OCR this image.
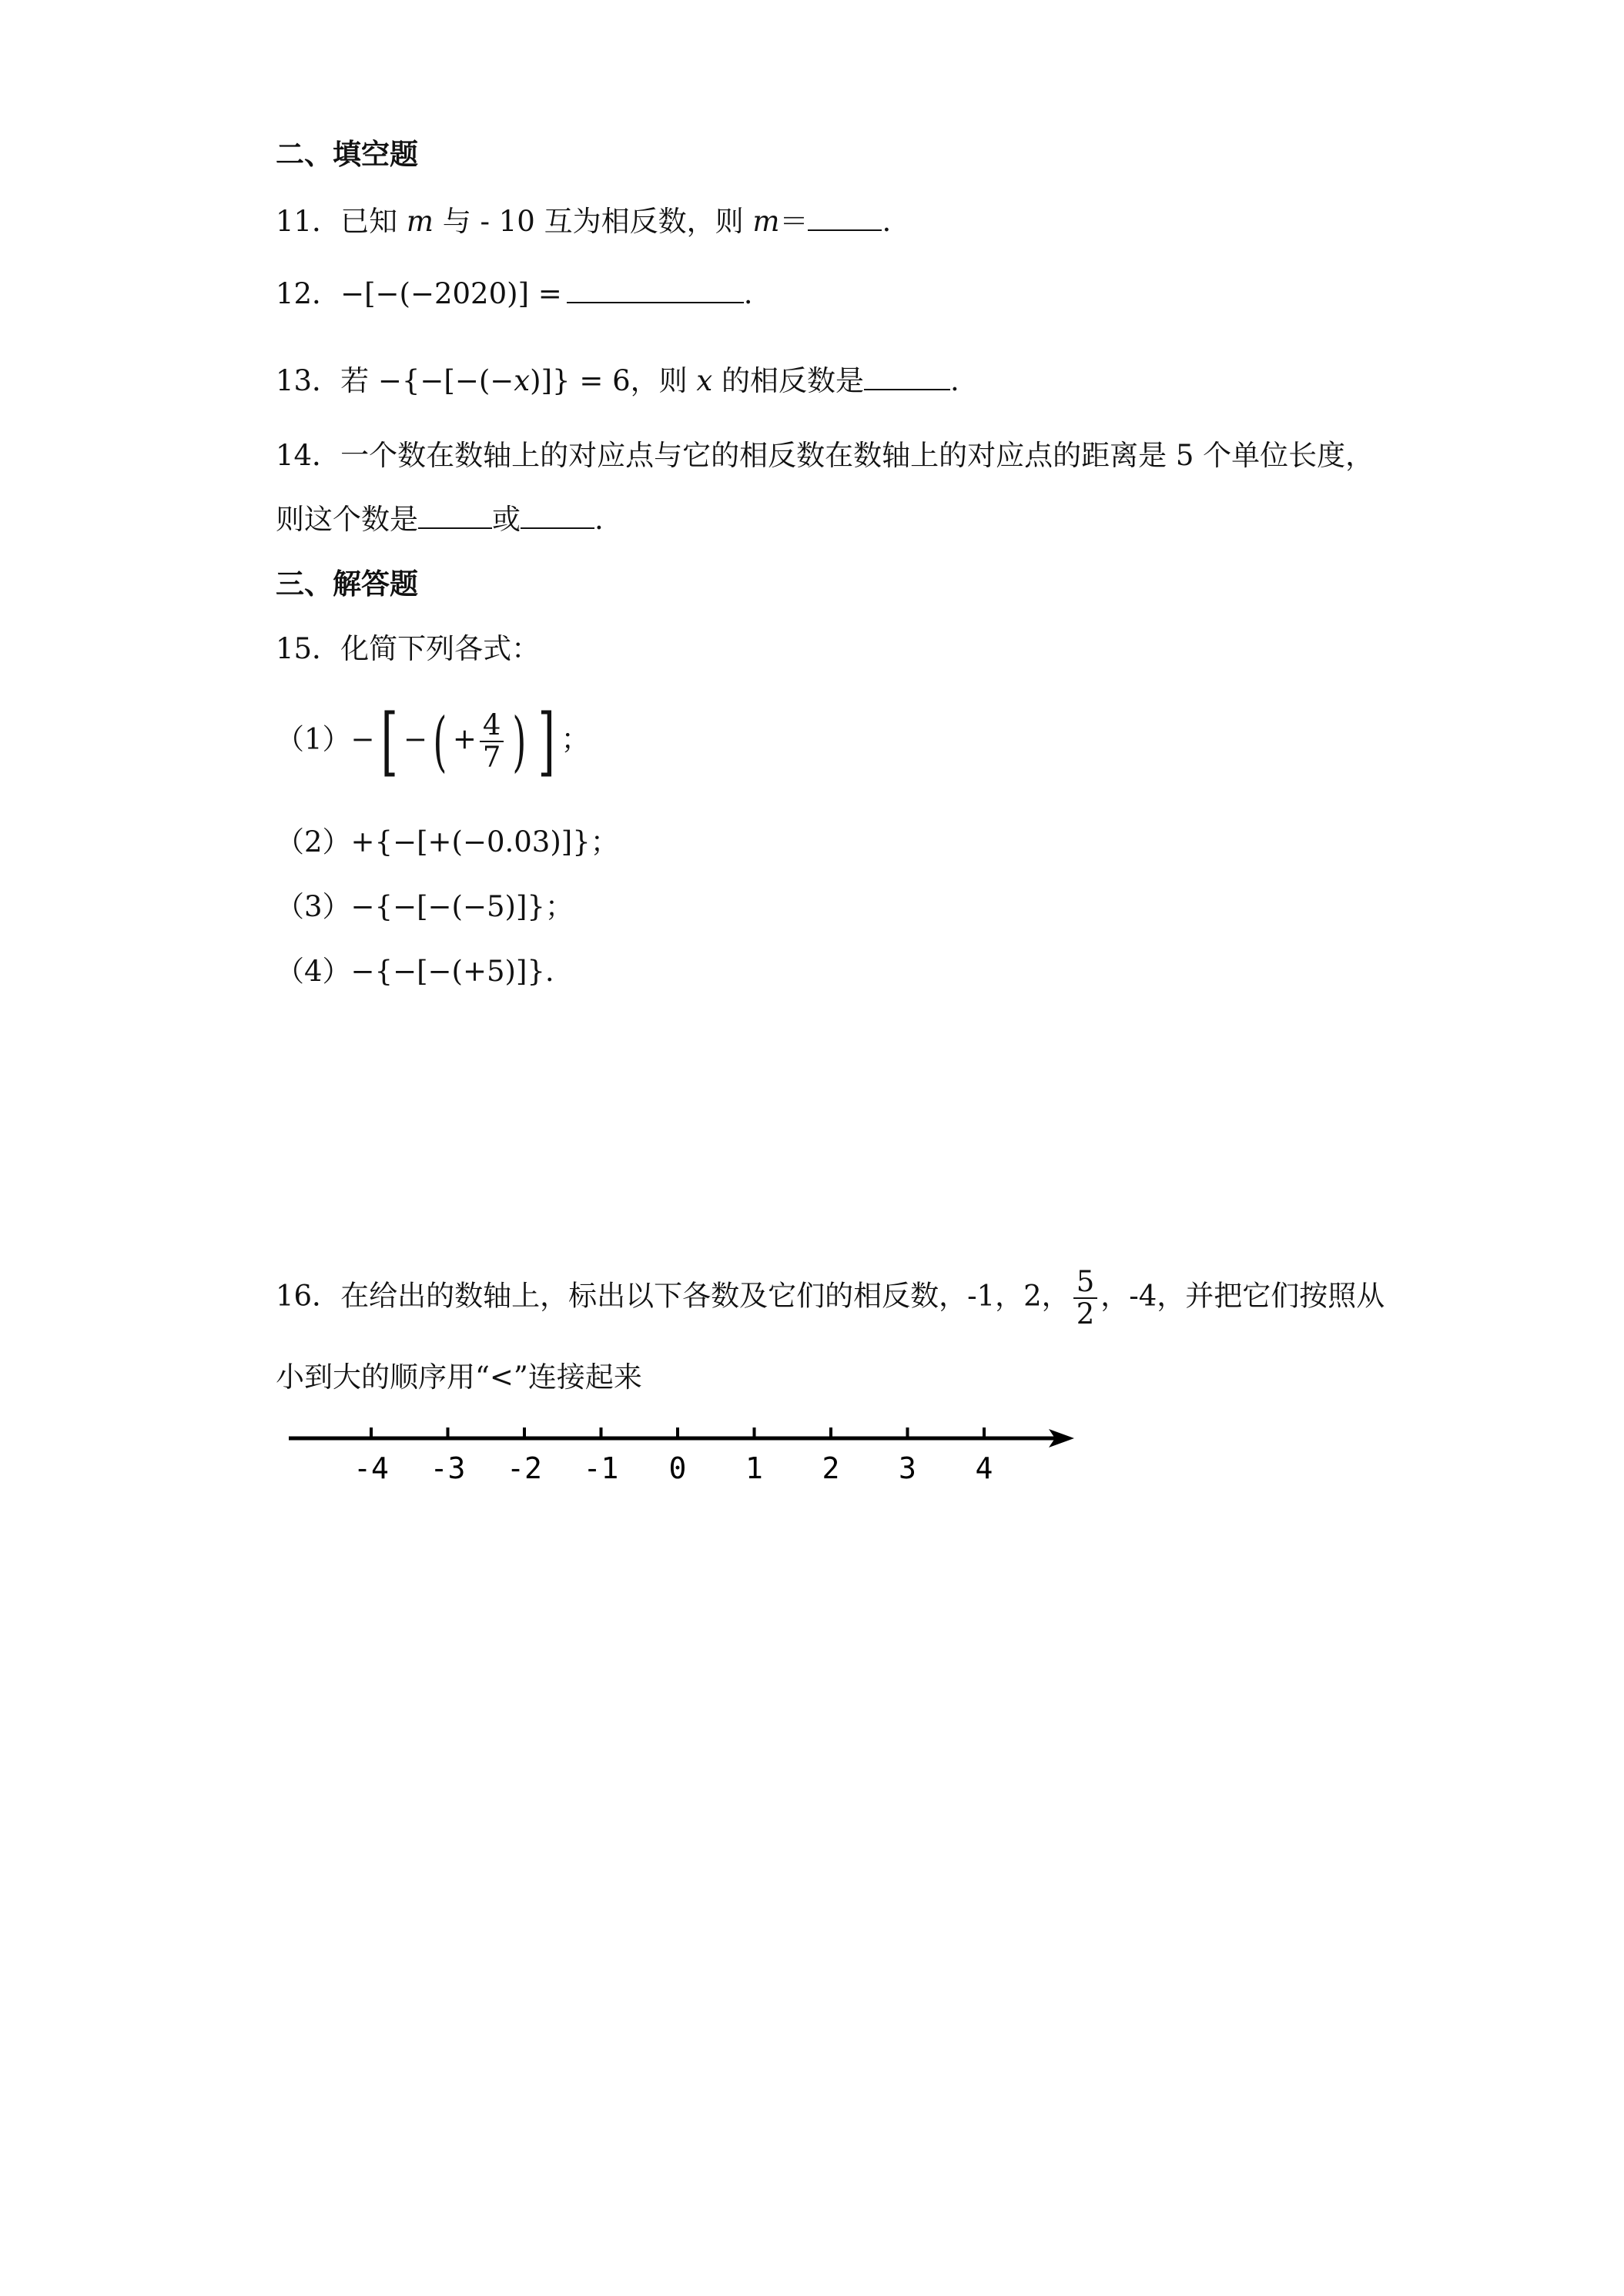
二、填空题
11．已知 m 与 - 10 互为相反数，则 m＝	.
12．−[−(−2020)] =	.
13．若 −{−[−(−x)]} = 6，则 x 的相反数是	.
14．一个数在数轴上的对应点与它的相反数在数轴上的对应点的距离是 5 个单位长度，
则这个数是	或	.
三、解答题
15．化简下列各式：
（1）−[ −( + $\frac{4}{7}$ ) ] ；
（2）+{−[+(−0.03)]}；
（3）−{−[−(−5)]}；
（4）−{−[−(+5)]}.
16．在给出的数轴上，标出以下各数及它们的相反数，-1，2， $\frac{5}{2}$ ，-4，并把它们按照从
小到大的顺序用“<”连接起来
-4 -3 -2 -1 0 1 2 3 4
